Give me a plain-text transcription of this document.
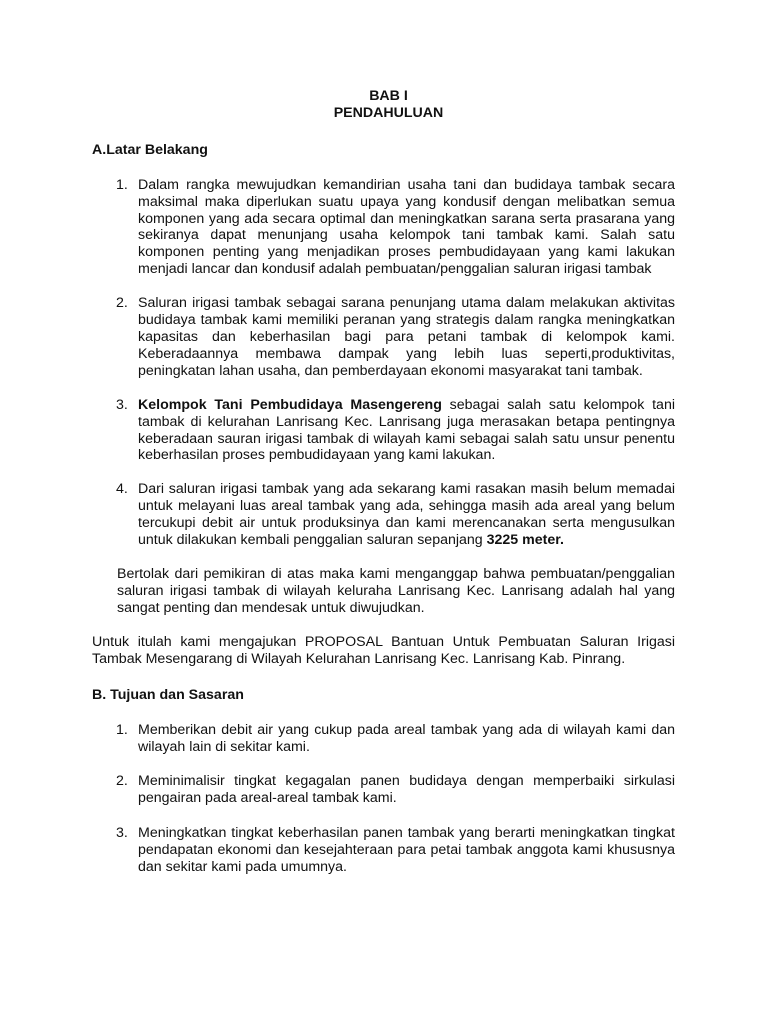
BAB I

PENDAHULUAN

A.Latar Belakang

1. Dalam rangka mewujudkan kemandirian usaha tani dan budidaya tambak secara maksimal maka diperlukan suatu upaya yang kondusif dengan melibatkan semua komponen yang ada secara optimal dan meningkatkan sarana serta prasarana yang sekiranya dapat menunjang usaha kelompok tani tambak kami. Salah satu komponen penting yang menjadikan proses pembudidayaan yang kami lakukan menjadi lancar dan kondusif adalah pembuatan/penggalian saluran irigasi tambak
2. Saluran irigasi tambak sebagai sarana penunjang utama dalam melakukan aktivitas budidaya tambak kami memiliki peranan yang strategis dalam rangka meningkatkan kapasitas dan keberhasilan bagi para petani tambak di kelompok kami. Keberadaannya membawa dampak yang lebih luas seperti,produktivitas, peningkatan lahan usaha, dan pemberdayaan ekonomi masyarakat tani tambak.
3. Kelompok Tani Pembudidaya Masengereng sebagai salah satu kelompok tani tambak di kelurahan Lanrisang Kec. Lanrisang juga merasakan betapa pentingnya keberadaan sauran irigasi tambak di wilayah kami sebagai salah satu unsur penentu keberhasilan proses pembudidayaan yang kami lakukan.
4. Dari saluran irigasi tambak yang ada sekarang kami rasakan masih belum memadai untuk melayani luas areal tambak yang ada, sehingga masih ada areal yang belum tercukupi debit air untuk produksinya dan kami merencanakan serta mengusulkan untuk dilakukan kembali penggalian saluran sepanjang 3225 meter.

Bertolak dari pemikiran di atas maka kami menganggap bahwa pembuatan/penggalian saluran irigasi tambak di wilayah keluraha Lanrisang Kec. Lanrisang adalah hal yang sangat penting dan mendesak untuk diwujudkan.

Untuk itulah kami mengajukan PROPOSAL Bantuan Untuk Pembuatan Saluran Irigasi Tambak Mesengarang di Wilayah Kelurahan Lanrisang Kec. Lanrisang Kab. Pinrang.

B. Tujuan dan Sasaran

1. Memberikan debit air yang cukup pada areal tambak yang ada di wilayah kami dan wilayah lain di sekitar kami.
2. Meminimalisir tingkat kegagalan panen budidaya dengan memperbaiki sirkulasi pengairan pada areal-areal tambak kami.
3. Meningkatkan tingkat keberhasilan panen tambak yang berarti meningkatkan tingkat pendapatan ekonomi dan kesejahteraan para petai tambak anggota kami khususnya dan sekitar kami pada umumnya.
